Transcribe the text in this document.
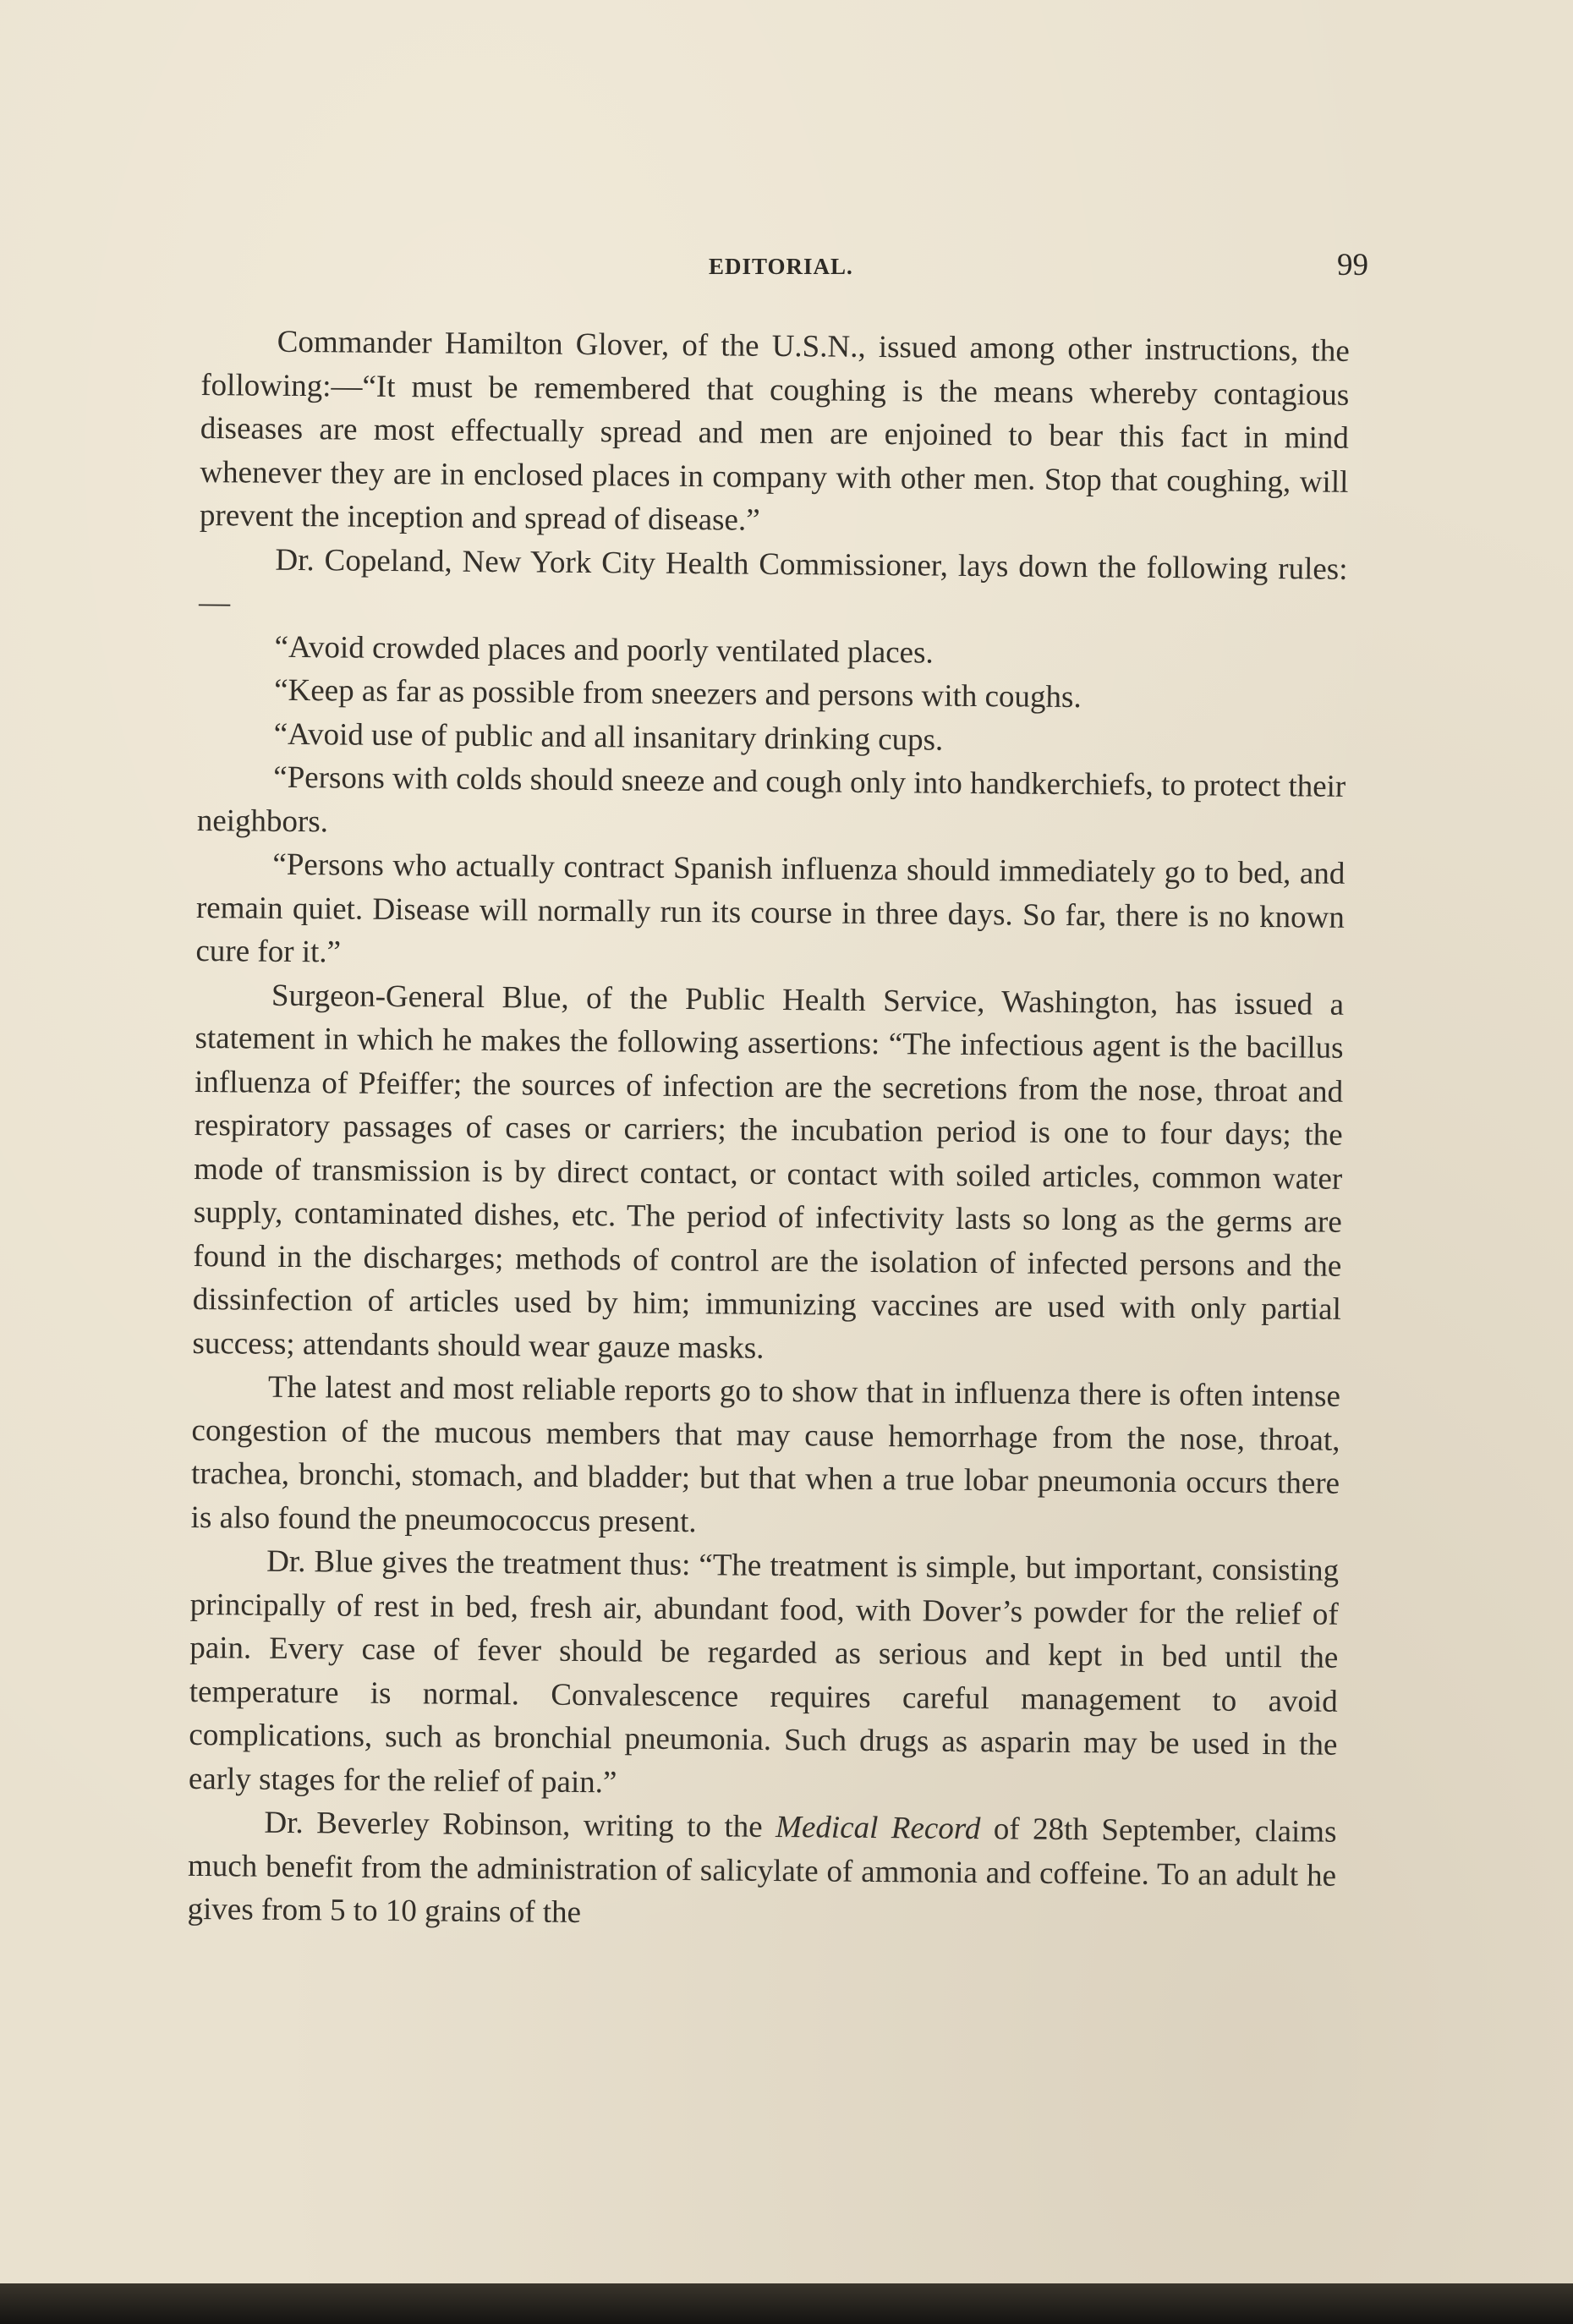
EDITORIAL.	99

Commander Hamilton Glover, of the U.S.N., issued among other instructions, the following:—“It must be remembered that coughing is the means whereby contagious diseases are most effectually spread and men are enjoined to bear this fact in mind whenever they are in enclosed places in company with other men. Stop that coughing, will prevent the inception and spread of disease.”

Dr. Copeland, New York City Health Commissioner, lays down the following rules:—

“Avoid crowded places and poorly ventilated places.

“Keep as far as possible from sneezers and persons with coughs.

“Avoid use of public and all insanitary drinking cups.

“Persons with colds should sneeze and cough only into handkerchiefs, to protect their neighbors.

“Persons who actually contract Spanish influenza should immediately go to bed, and remain quiet. Disease will normally run its course in three days. So far, there is no known cure for it.”

Surgeon-General Blue, of the Public Health Service, Washington, has issued a statement in which he makes the following assertions: “The infectious agent is the bacillus influenza of Pfeiffer; the sources of infection are the secretions from the nose, throat and respiratory passages of cases or carriers; the incubation period is one to four days; the mode of transmission is by direct contact, or contact with soiled articles, common water supply, contaminated dishes, etc. The period of infectivity lasts so long as the germs are found in the discharges; methods of control are the isolation of infected persons and the dissinfection of articles used by him; immunizing vaccines are used with only partial success; attendants should wear gauze masks.

The latest and most reliable reports go to show that in influenza there is often intense congestion of the mucous members that may cause hemorrhage from the nose, throat, trachea, bronchi, stomach, and bladder; but that when a true lobar pneumonia occurs there is also found the pneumococcus present.

Dr. Blue gives the treatment thus: “The treatment is simple, but important, consisting principally of rest in bed, fresh air, abundant food, with Dover’s powder for the relief of pain. Every case of fever should be regarded as serious and kept in bed until the temperature is normal. Convalescence requires careful management to avoid complications, such as bronchial pneumonia. Such drugs as asparin may be used in the early stages for the relief of pain.”

Dr. Beverley Robinson, writing to the Medical Record of 28th September, claims much benefit from the administration of salicylate of ammonia and coffeine. To an adult he gives from 5 to 10 grains of the
